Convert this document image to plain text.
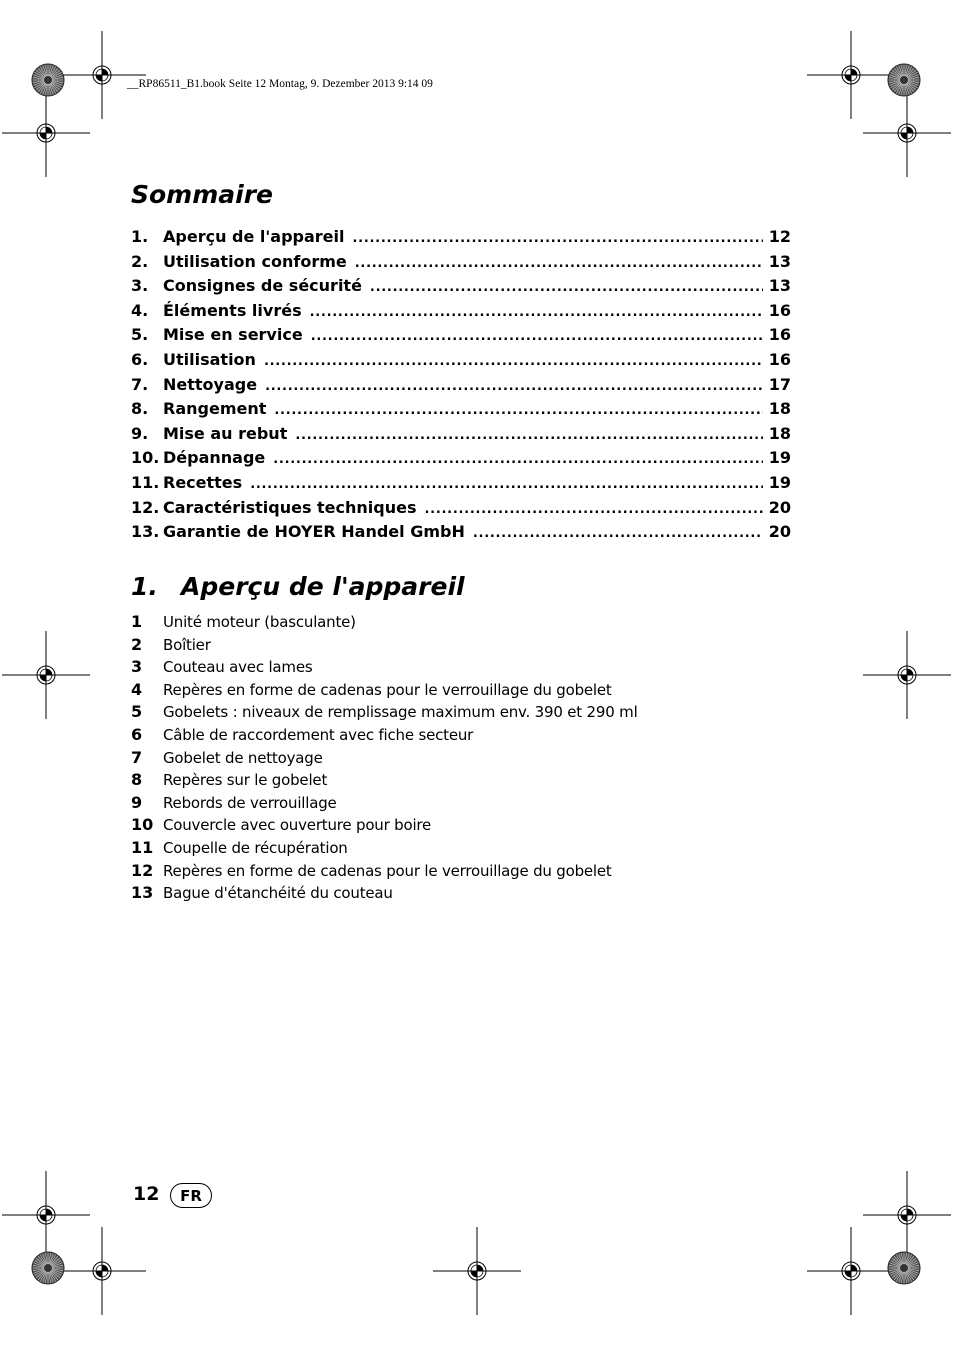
__RP86511_B1.book Seite 12 Montag, 9. Dezember 2013 9:14 09
Sommaire
1. Aperçu de l'appareil . . .	12
2. Utilisation conforme . . .	13
3. Consignes de sécurité . . .	13
4. Éléments livrés . . .	16
5. Mise en service . . .	16
6. Utilisation . . .	16
7. Nettoyage . . .	17
8. Rangement . . .	18
9. Mise au rebut . . .	18
10. Dépannage . . .	19
11. Recettes . . .	19
12. Caractéristiques techniques . . .	20
13. Garantie de HOYER Handel GmbH . . .	20
1. Aperçu de l'appareil
1	Unité moteur (basculante)
2	Boîtier
3	Couteau avec lames
4	Repères en forme de cadenas pour le verrouillage du gobelet
5	Gobelets : niveaux de remplissage maximum env. 390 et 290 ml
6	Câble de raccordement avec fiche secteur
7	Gobelet de nettoyage
8	Repères sur le gobelet
9	Rebords de verrouillage
10 Couvercle avec ouverture pour boire
11 Coupelle de récupération
12 Repères en forme de cadenas pour le verrouillage du gobelet
13 Bague d'étanchéité du couteau
12	FR
